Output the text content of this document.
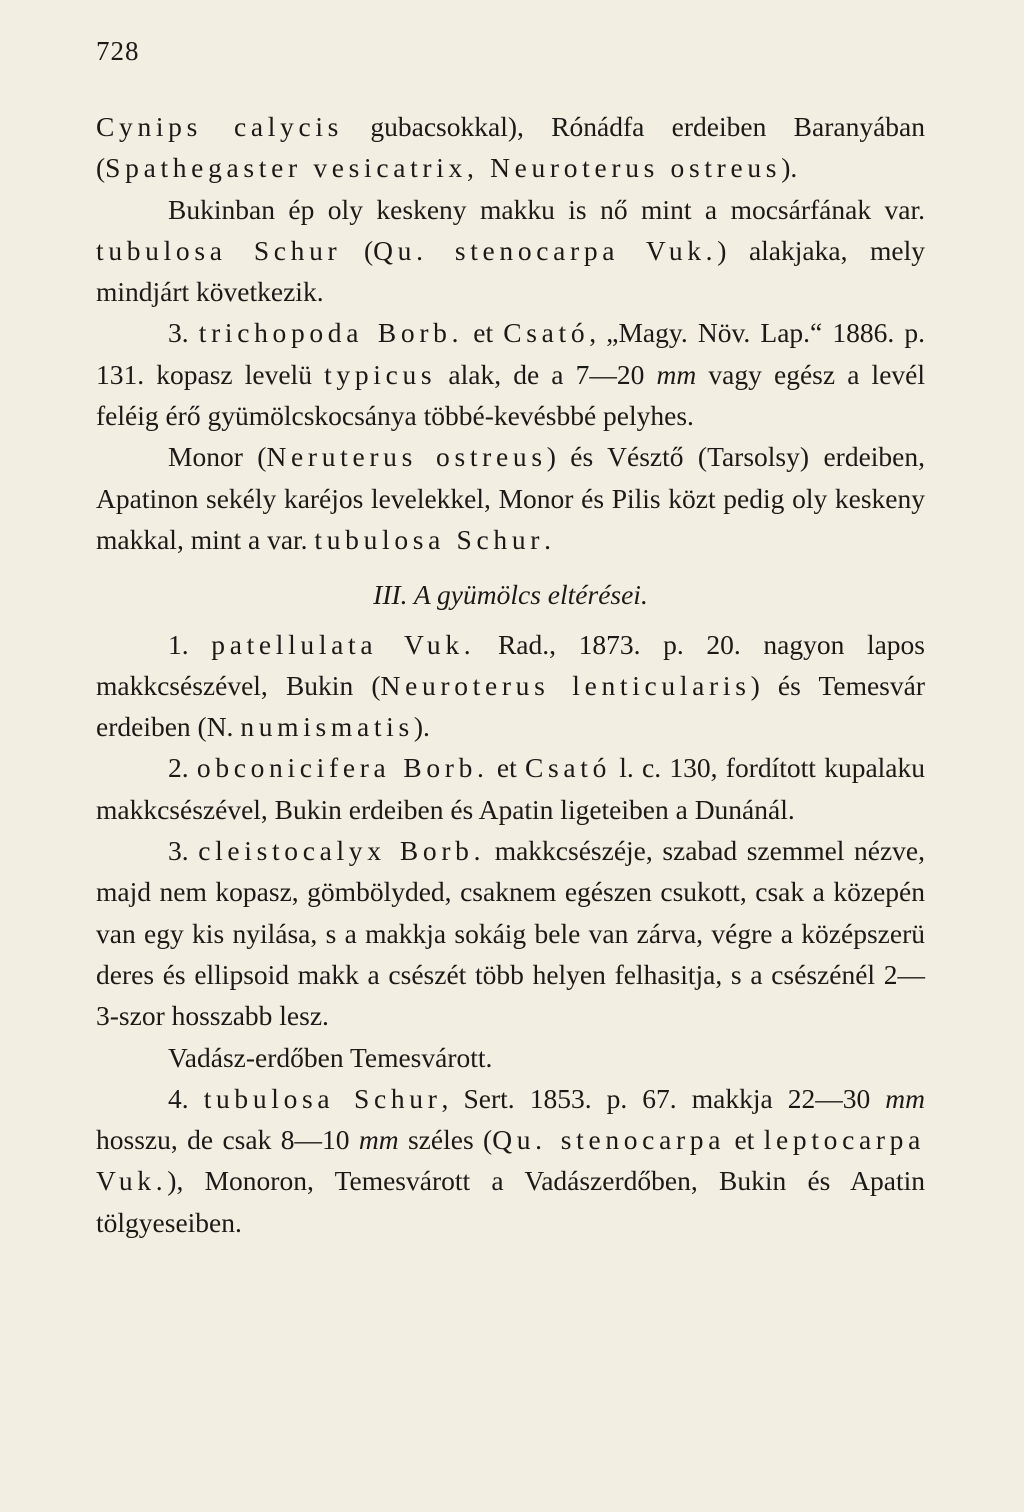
728

Cynips calycis gubacsokkal), Rónádfa erdeiben Baranyában (Spathegaster vesicatrix, Neuroterus ostreus).

Bukinban ép oly keskeny makku is nő mint a mocsárfának var. tubulosa Schur (Qu. stenocarpa Vuk.) alakjaka, mely mindjárt következik.

3. trichopoda Borb. et Csató, „Magy. Növ. Lap.“ 1886. p. 131. kopasz levelü typicus alak, de a 7—20 mm vagy egész a levél feléig érő gyümölcskocsánya többé-kevésbbé pelyhes.

Monor (Neruterus ostreus) és Vésztő (Tarsolsy) erdeiben, Apatinon sekély karéjos levelekkel, Monor és Pilis közt pedig oly keskeny makkal, mint a var. tubulosa Schur.

III. A gyümölcs eltérései.

1. patellulata Vuk. Rad., 1873. p. 20. nagyon lapos makkcsészével, Bukin (Neuroterus lenticularis) és Temesvár erdeiben (N. numismatis).

2. obconicifera Borb. et Csató l. c. 130, fordított kupalaku makkcsészével, Bukin erdeiben és Apatin ligeteiben a Dunánál.

3. cleistocalyx Borb. makkcsészéje, szabad szemmel nézve, majd nem kopasz, gömbölyded, csaknem egészen csukott, csak a közepén van egy kis nyilása, s a makkja sokáig bele van zárva, végre a középszerü deres és ellipsoid makk a csészét több helyen felhasitja, s a csészénél 2—3-szor hosszabb lesz.

Vadász-erdőben Temesvárott.

4. tubulosa Schur, Sert. 1853. p. 67. makkja 22—30 mm hosszu, de csak 8—10 mm széles (Qu. stenocarpa et leptocarpa Vuk.), Monoron, Temesvárott a Vadászerdőben, Bukin és Apatin tölgyeseiben.
